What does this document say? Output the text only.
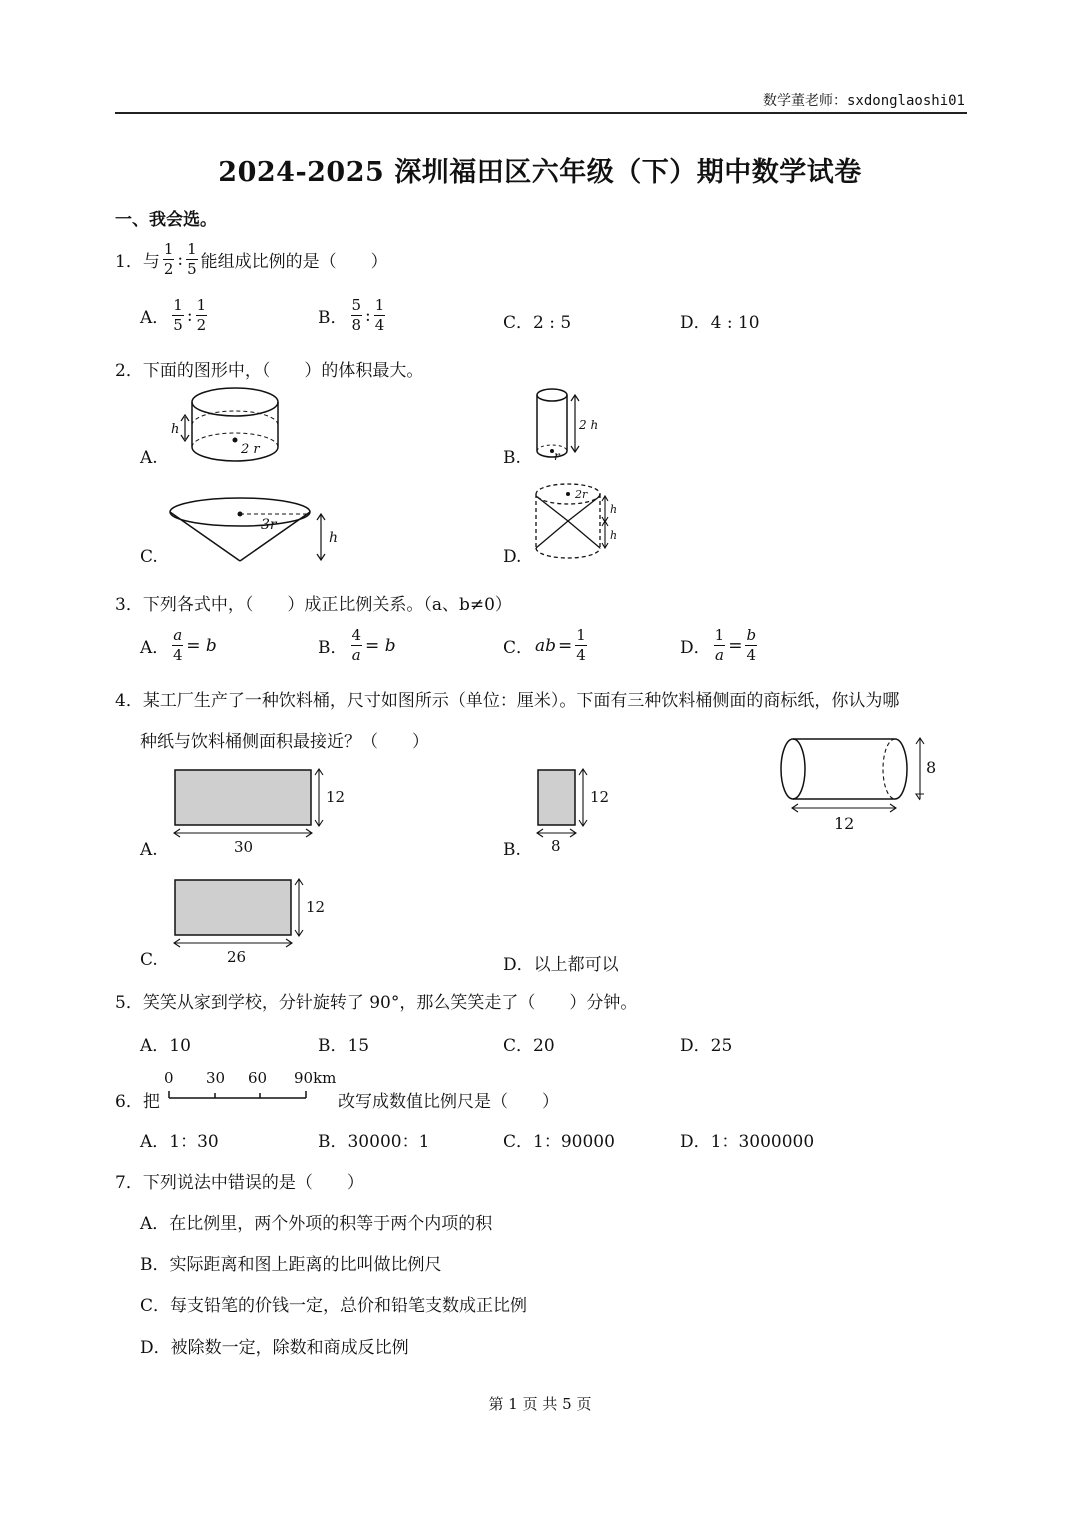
数学董老师：sxdonglaoshi01
2024-2025 深圳福田区六年级（下）期中数学试卷
一、我会选。
1．与 $\frac{1}{2}$ : $\frac{1}{5}$ 能组成比例的是（　　）
A． $\frac{1}{5}$ : $\frac{1}{2}$	B． $\frac{5}{8}$ : $\frac{1}{4}$	C．2 : 5	D．4 : 10
2．下面的图形中，（　　）的体积最大。
h
2 r
A.
2 h
r
B.
3r
h
C.
2r
h
h
D.
3．下列各式中，（　　）成正比例关系。（a、b≠0）
A． $\frac{a}{4} = b$	B． $\frac{4}{a} = b$	C． ab = $\frac{1}{4}$	D． $\frac{1}{a} = \frac{b}{4}$
4．某工厂生产了一种饮料桶，尺寸如图所示（单位：厘米）。下面有三种饮料桶侧面的商标纸，你认为哪
种纸与饮料桶侧面积最接近？（　　）
12
30
A.
12
8
B.
8
12
12
26
C.	D．以上都可以
5．笑笑从家到学校，分针旋转了 90°，那么笑笑走了（　　）分钟。
A．10	B．15	C．20	D．25
6．把
0 30 60 90km
改写成数值比例尺是（　　）
A．1：30	B．30000：1	C．1：90000	D．1：3000000
7．下列说法中错误的是（　　）
A．在比例里，两个外项的积等于两个内项的积
B．实际距离和图上距离的比叫做比例尺
C．每支铅笔的价钱一定，总价和铅笔支数成正比例
D．被除数一定，除数和商成反比例
第 1 页 共 5 页
